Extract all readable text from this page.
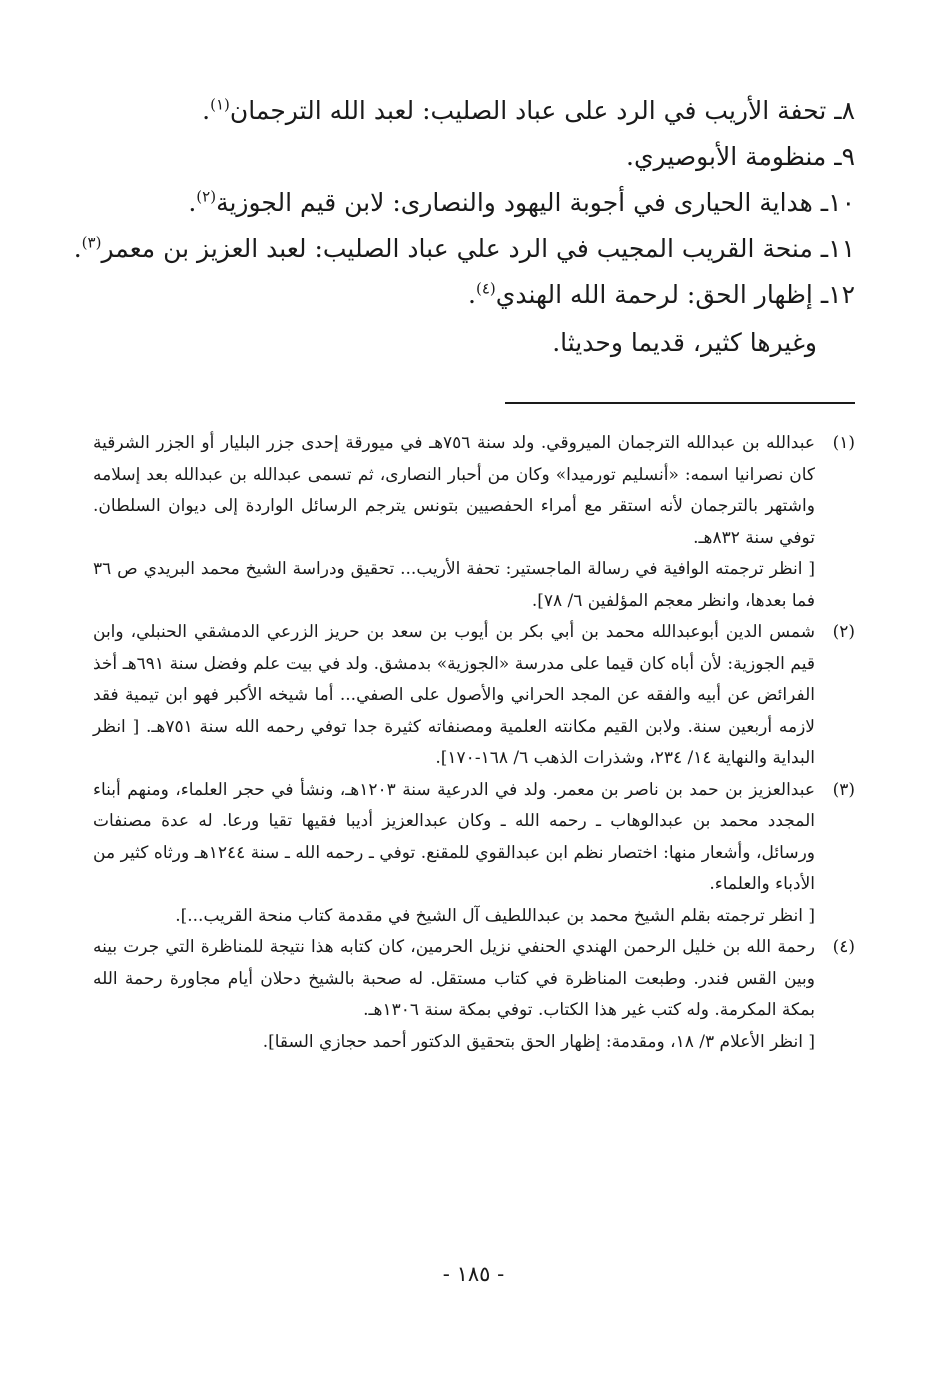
٨ـ تحفة الأريب في الرد على عباد الصليب: لعبد الله الترجمان$^{(١)}$.
٩ـ منظومة الأبوصيري.
١٠ـ هداية الحيارى في أجوبة اليهود والنصارى: لابن قيم الجوزية$^{(٢)}$.
١١ـ منحة القريب المجيب في الرد علي عباد الصليب: لعبد العزيز بن معمر$^{(٣)}$.
١٢ـ إظهار الحق: لرحمة الله الهندي$^{(٤)}$.
وغيرها كثير، قديما وحديثا.
(١)

عبدالله بن عبدالله الترجمان الميروقي. ولد سنة ٧٥٦هـ في ميورقة إحدى جزر البليار أو الجزر الشرقية كان نصرانيا اسمه: «أنسليم تورميدا» وكان من أحبار النصارى، ثم تسمى عبدالله بن عبدالله بعد إسلامه واشتهر بالترجمان لأنه استقر مع أمراء الحفصيين بتونس يترجم الرسائل الواردة إلى ديوان السلطان. توفي سنة ٨٣٢هـ.

[ انظر ترجمته الوافية في رسالة الماجستير: تحفة الأريب... تحقيق ودراسة الشيخ محمد البريدي ص ٣٦ فما بعدها، وانظر معجم المؤلفين ٦/ ٧٨].

(٢)

شمس الدين أبوعبدالله محمد بن أبي بكر بن أيوب بن سعد بن حريز الزرعي الدمشقي الحنبلي، وابن قيم الجوزية: لأن أباه كان قيما على مدرسة «الجوزية» بدمشق. ولد في بيت علم وفضل سنة ٦٩١هـ أخذ الفرائض عن أبيه والفقه عن المجد الحراني والأصول على الصفي... أما شيخه الأكبر فهو ابن تيمية فقد لازمه أربعين سنة. ولابن القيم مكانته العلمية ومصنفاته كثيرة جدا توفي رحمه الله سنة ٧٥١هـ. [ انظر البداية والنهاية ١٤/ ٢٣٤، وشذرات الذهب ٦/ ١٦٨-١٧٠].

(٣)

عبدالعزيز بن حمد بن ناصر بن معمر. ولد في الدرعية سنة ١٢٠٣هـ، ونشأ في حجر العلماء، ومنهم أبناء المجدد محمد بن عبدالوهاب ـ رحمه الله ـ وكان عبدالعزيز أديبا فقيها تقيا ورعا. له عدة مصنفات ورسائل، وأشعار منها: اختصار نظم ابن عبدالقوي للمقنع. توفي ـ رحمه الله ـ سنة ١٢٤٤هـ ورثاه كثير من الأدباء والعلماء.

[ انظر ترجمته بقلم الشيخ محمد بن عبداللطيف آل الشيخ في مقدمة كتاب منحة القريب...].

(٤)

رحمة الله بن خليل الرحمن الهندي الحنفي نزيل الحرمين، كان كتابه هذا نتيجة للمناظرة التي جرت بينه وبين القس فندر. وطبعت المناظرة في كتاب مستقل. له صحبة بالشيخ دحلان أيام مجاورة رحمة الله بمكة المكرمة. وله كتب غير هذا الكتاب. توفي بمكة سنة ١٣٠٦هـ.

[ انظر الأعلام ٣/ ١٨، ومقدمة: إظهار الحق بتحقيق الدكتور أحمد حجازي السقا].

- ١٨٥ -
